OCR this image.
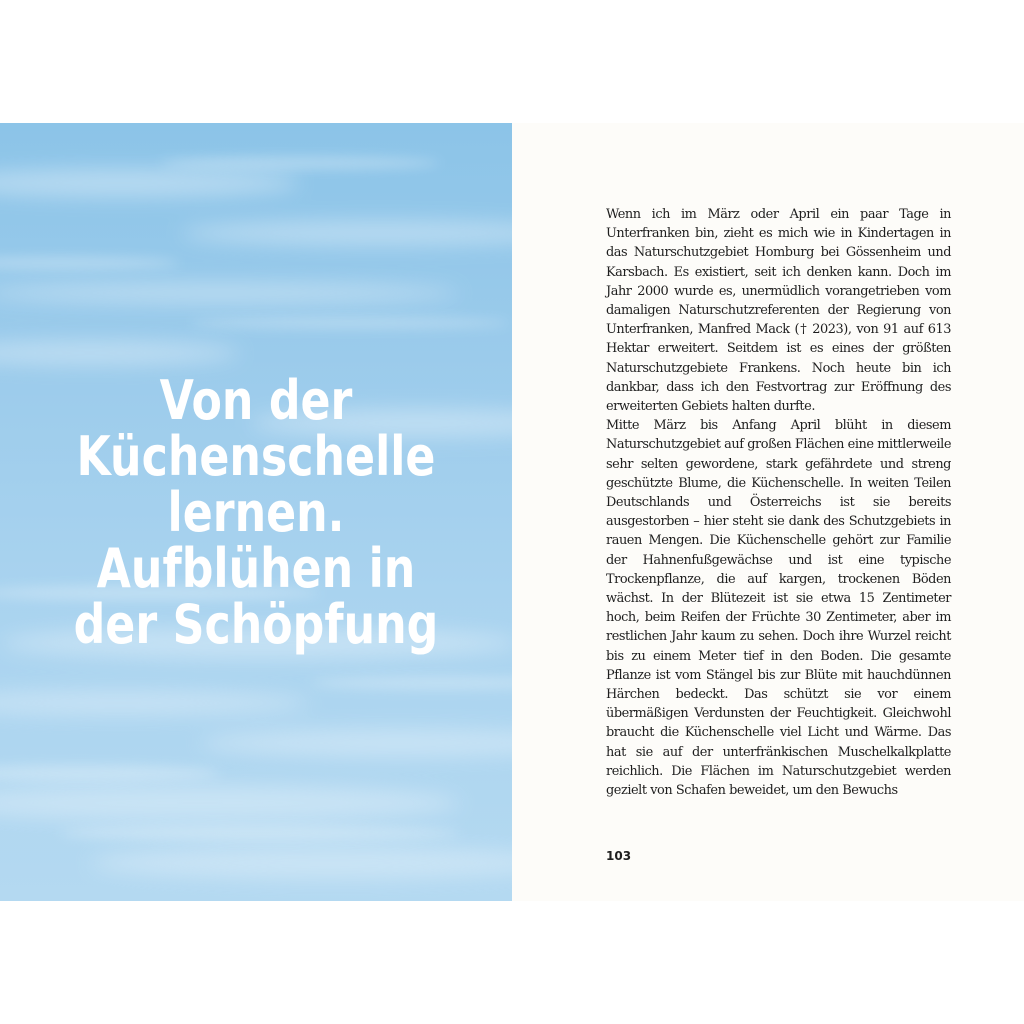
Von der
Küchenschelle
lernen.
Aufblühen in
der Schöpfung

Wenn ich im März oder April ein paar Tage in Unterfranken bin, zieht es mich wie in Kindertagen in das Naturschutzgebiet Homburg bei Gössenheim und Karsbach. Es existiert, seit ich denken kann. Doch im Jahr 2000 wurde es, unermüdlich vorangetrieben vom damaligen Naturschutzreferenten der Regierung von Unterfranken, Manfred Mack († 2023), von 91 auf 613 Hektar erweitert. Seitdem ist es eines der größten Naturschutzgebiete Frankens. Noch heute bin ich dankbar, dass ich den Festvortrag zur Eröffnung des erweiterten Gebiets halten durfte.

Mitte März bis Anfang April blüht in diesem Naturschutzgebiet auf großen Flächen eine mittlerweile sehr selten gewordene, stark gefährdete und streng geschützte Blume, die Küchenschelle. In weiten Teilen Deutschlands und Österreichs ist sie bereits ausgestorben – hier steht sie dank des Schutzgebiets in rauen Mengen. Die Küchenschelle gehört zur Familie der Hahnenfußgewächse und ist eine typische Trockenpflanze, die auf kargen, trockenen Böden wächst. In der Blütezeit ist sie etwa 15 Zentimeter hoch, beim Reifen der Früchte 30 Zentimeter, aber im restlichen Jahr kaum zu sehen. Doch ihre Wurzel reicht bis zu einem Meter tief in den Boden. Die gesamte Pflanze ist vom Stängel bis zur Blüte mit hauchdünnen Härchen bedeckt. Das schützt sie vor einem übermäßigen Verdunsten der Feuchtigkeit. Gleichwohl braucht die Küchenschelle viel Licht und Wärme. Das hat sie auf der unterfränkischen Muschelkalkplatte reichlich. Die Flächen im Naturschutzgebiet werden gezielt von Schafen beweidet, um den Bewuchs

103
